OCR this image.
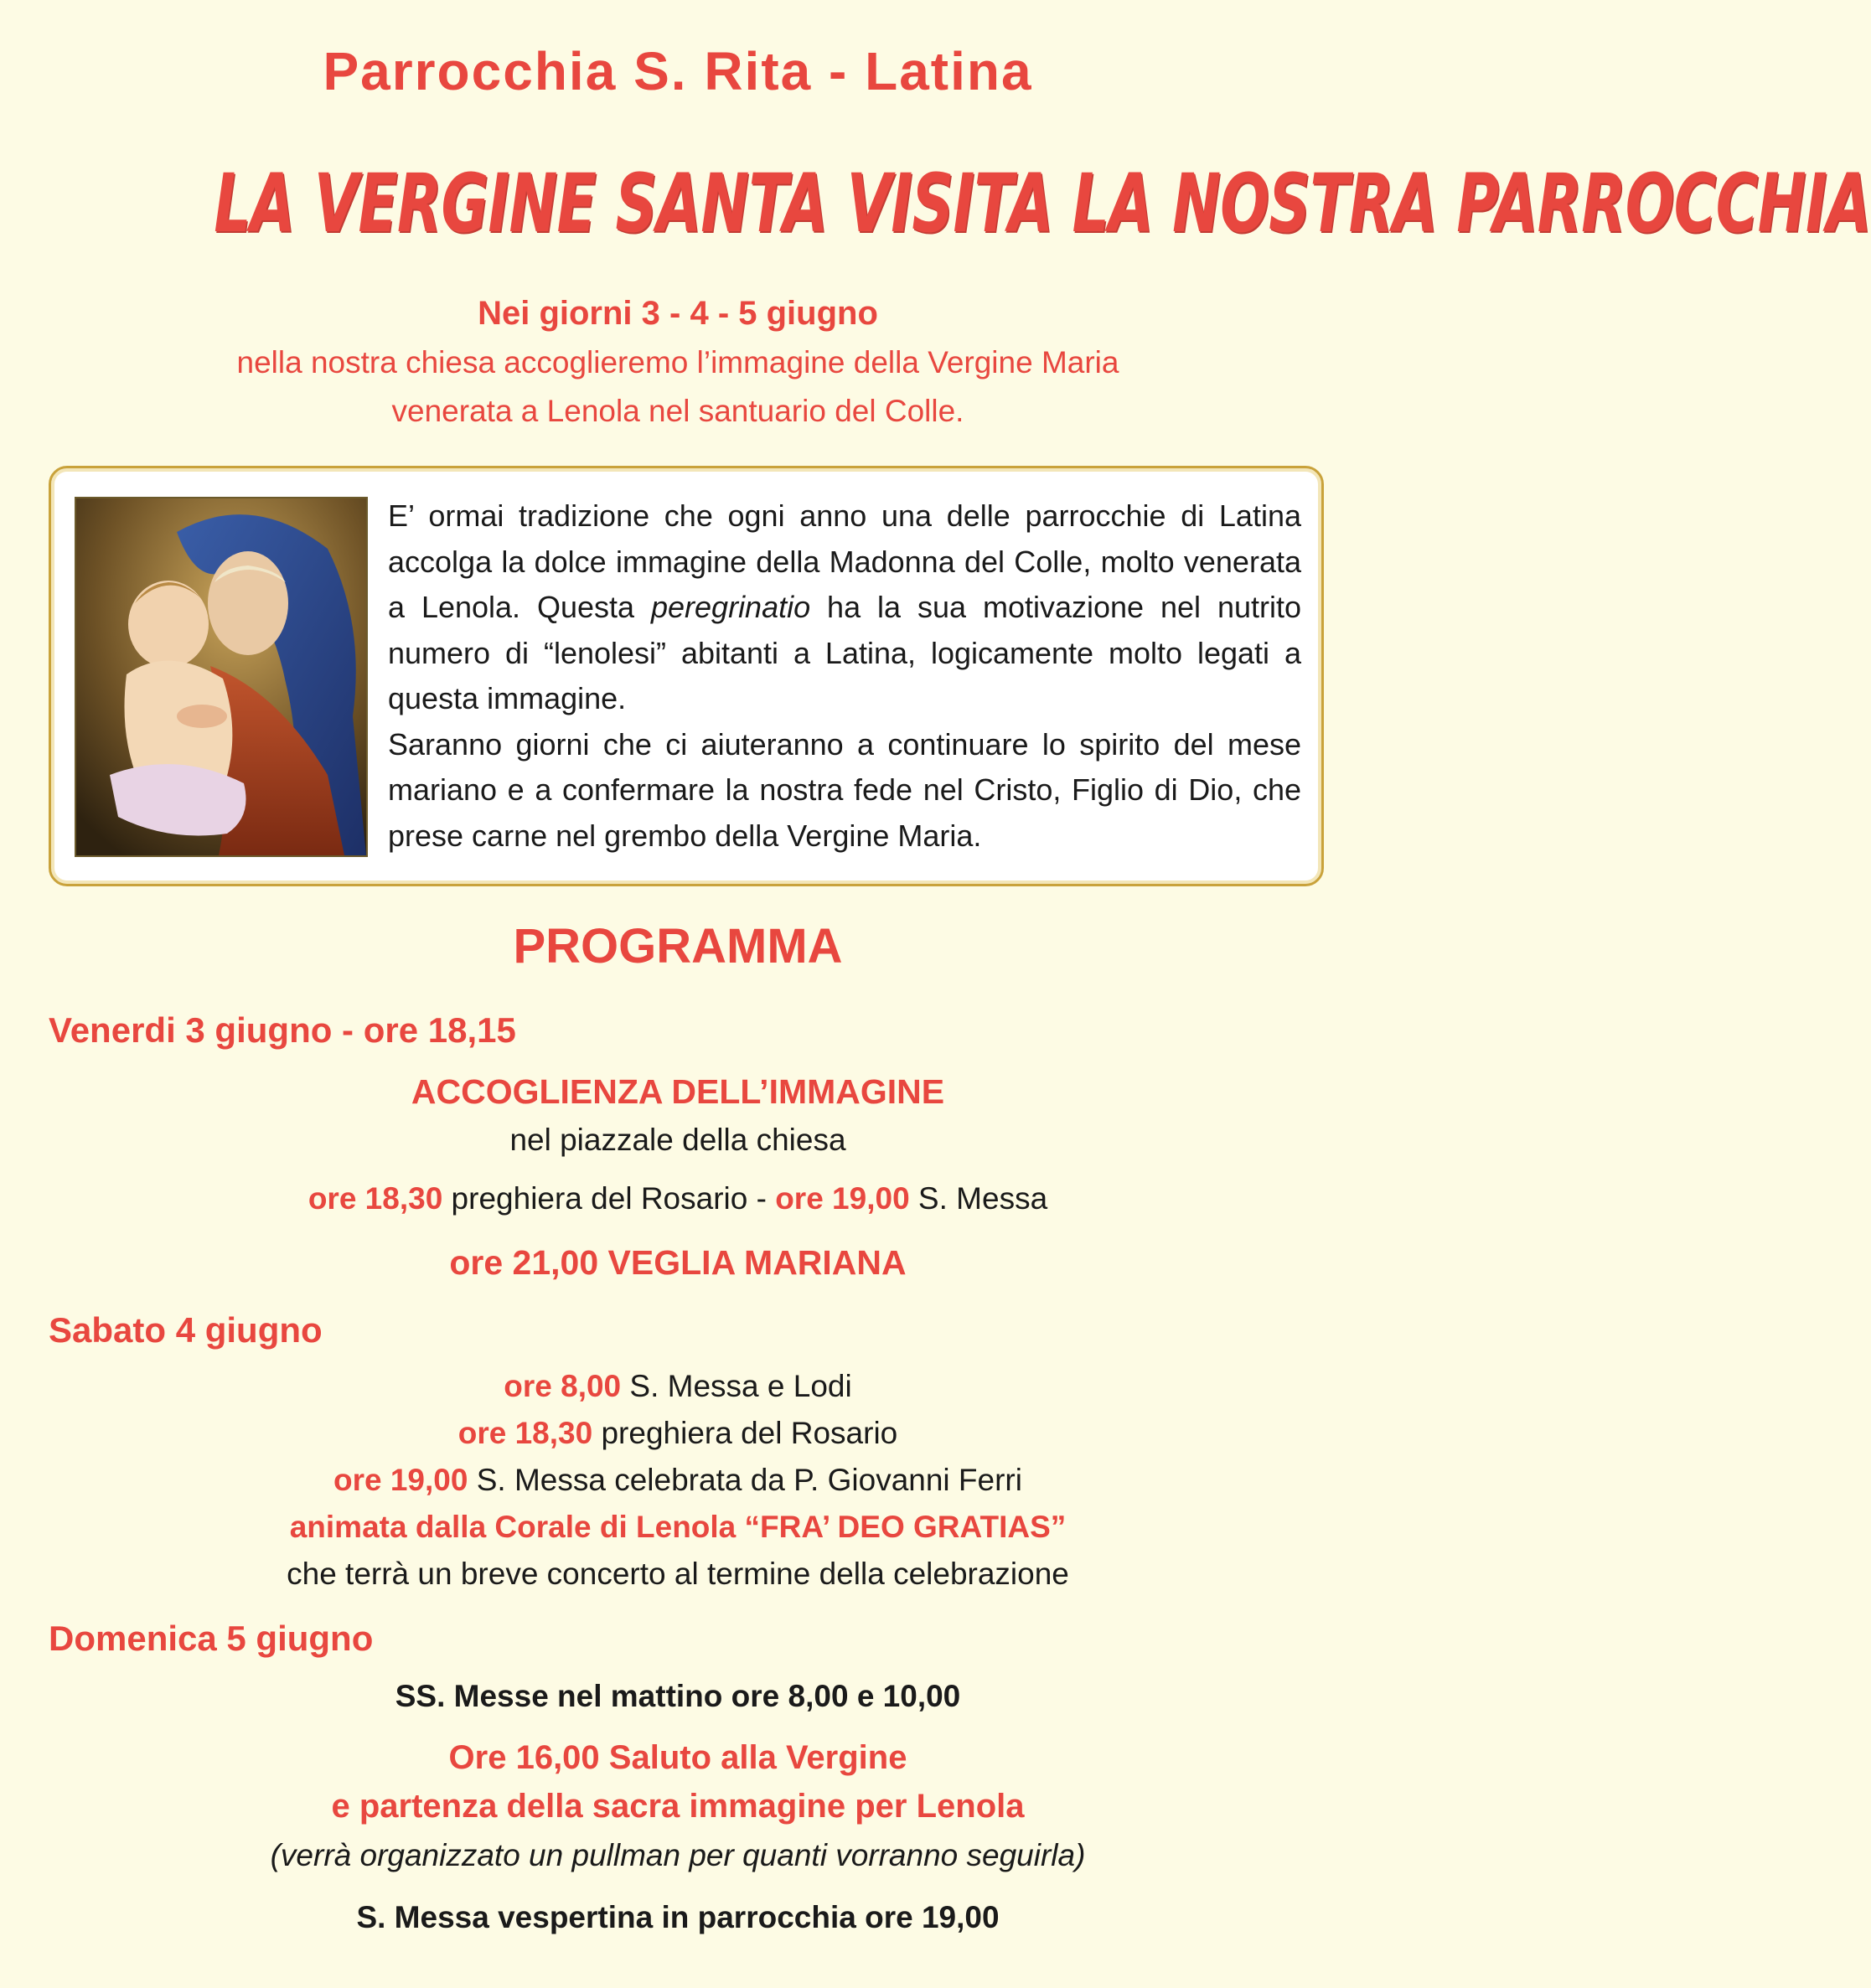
Parrocchia S. Rita - Latina
LA VERGINE SANTA VISITA LA NOSTRA PARROCCHIA
Nei giorni 3 - 4 - 5 giugno
nella nostra chiesa accoglieremo l’immagine della Vergine Maria
venerata a Lenola nel santuario del Colle.
E’ ormai tradizione che ogni anno una delle parrocchie di Latina accolga la dolce immagine della Madonna del Colle, molto venerata a Lenola. Questa peregrinatio ha la sua motivazione nel nutrito numero di “lenolesi” abitanti a Latina, logicamente molto legati a questa immagine.
Saranno giorni che ci aiuteranno a continuare lo spirito del mese mariano e a confermare la nostra fede nel Cristo, Figlio di Dio, che prese carne nel grembo della Vergine Maria.
PROGRAMMA
Venerdi 3 giugno - ore 18,15
ACCOGLIENZA DELL’IMMAGINE
nel piazzale della chiesa
ore 18,30 preghiera del Rosario - ore 19,00 S. Messa
ore 21,00 VEGLIA MARIANA
Sabato 4 giugno
ore 8,00 S. Messa e Lodi
ore 18,30 preghiera del Rosario
ore 19,00 S. Messa celebrata da P. Giovanni Ferri
animata dalla Corale di Lenola “FRA’ DEO GRATIAS”
che terrà un breve concerto al termine della celebrazione
Domenica 5 giugno
SS. Messe nel mattino ore 8,00 e 10,00
Ore 16,00 Saluto alla Vergine
e partenza della sacra immagine per Lenola
(verrà organizzato un pullman per quanti vorranno seguirla)
S. Messa vespertina in parrocchia ore 19,00
